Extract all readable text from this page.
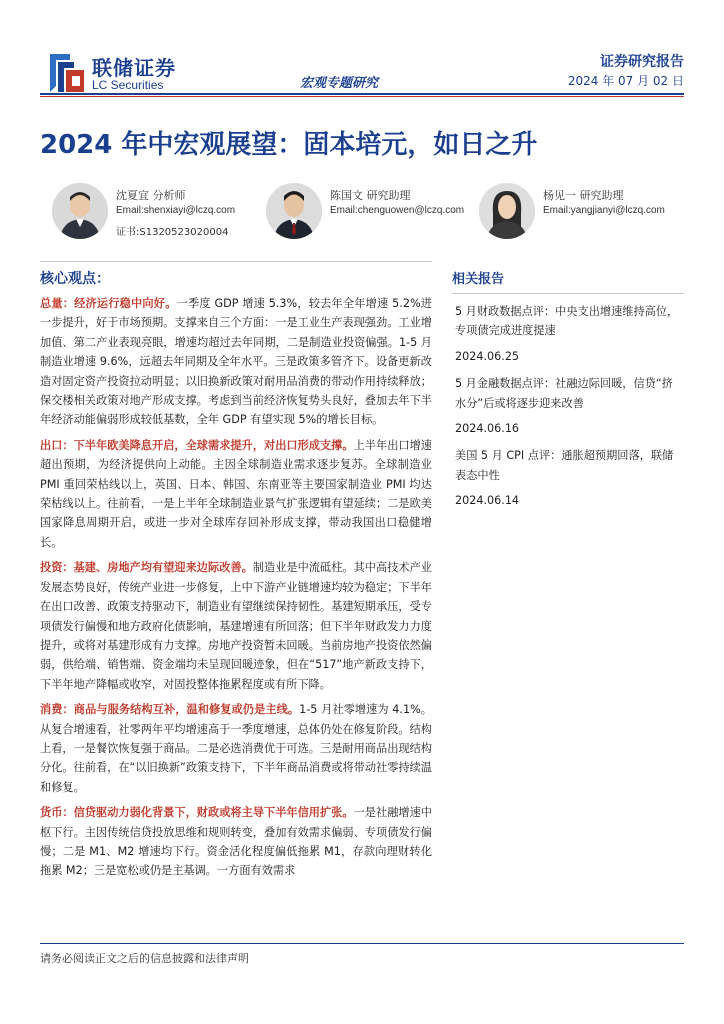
联储证券
LC Securities	宏观专题研究
证券研究报告
2024 年 07 月 02 日
2024 年中宏观展望：固本培元，如日之升
沈夏宜 分析师
Email:shenxiayi@lczq.com
证书:S1320523020004
陈国文 研究助理
Email:chenguowen@lczq.com
杨见一 研究助理
Email:yangjianyi@lczq.com
核心观点：

总量：经济运行稳中向好。一季度 GDP 增速 5.3%，较去年全年增速 5.2%进一步提升，好于市场预期。支撑来自三个方面：一是工业生产表现强劲。工业增加值、第二产业表现亮眼，增速均超过去年同期，二是制造业投资偏强。1-5 月制造业增速 9.6%，远超去年同期及全年水平。三是政策多管齐下。设备更新改造对固定资产投资拉动明显；以旧换新政策对耐用品消费的带动作用持续释放；保交楼相关政策对地产形成支撑。考虑到当前经济恢复势头良好，叠加去年下半年经济动能偏弱形成较低基数，全年 GDP 有望实现 5%的增长目标。

出口：下半年欧美降息开启，全球需求提升，对出口形成支撑。上半年出口增速超出预期，为经济提供向上动能。主因全球制造业需求逐步复苏。全球制造业 PMI 重回荣枯线以上，英国、日本、韩国、东南亚等主要国家制造业 PMI 均达荣枯线以上。往前看，一是上半年全球制造业景气扩张逻辑有望延续；二是欧美国家降息周期开启，或进一步对全球库存回补形成支撑，带动我国出口稳健增长。

投资：基建、房地产均有望迎来边际改善。制造业是中流砥柱。其中高技术产业发展态势良好，传统产业进一步修复，上中下游产业链增速均较为稳定；下半年在出口改善、政策支持驱动下，制造业有望继续保持韧性。基建短期承压，受专项债发行偏慢和地方政府化债影响，基建增速有所回落；但下半年财政发力力度提升，或将对基建形成有力支撑。房地产投资暂未回暖。当前房地产投资依然偏弱，供给端、销售端、资金端均未呈现回暖迹象，但在“517”地产新政支持下，下半年地产降幅或收窄，对固投整体拖累程度或有所下降。

消费：商品与服务结构互补，温和修复或仍是主线。1-5 月社零增速为 4.1%。从复合增速看，社零两年平均增速高于一季度增速，总体仍处在修复阶段。结构上看，一是餐饮恢复强于商品。二是必选消费优于可选。三是耐用商品出现结构分化。往前看，在“以旧换新”政策支持下，下半年商品消费或将带动社零持续温和修复。

货币：信贷驱动力弱化背景下，财政或将主导下半年信用扩张。一是社融增速中枢下行。主因传统信贷投放思维和规则转变，叠加有效需求偏弱、专项债发行偏慢；二是 M1、M2 增速均下行。资金活化程度偏低拖累 M1，存款向理财转化拖累 M2；三是宽松或仍是主基调。一方面有效需求

相关报告
5 月财政数据点评：中央支出增速维持高位，专项债完成进度提速
2024.06.25
5 月金融数据点评：社融边际回暖，信贷“挤水分”后或将逐步迎来改善
2024.06.16
美国 5 月 CPI 点评：通胀超预期回落，联储表态中性
2024.06.14
请务必阅读正文之后的信息披露和法律声明
